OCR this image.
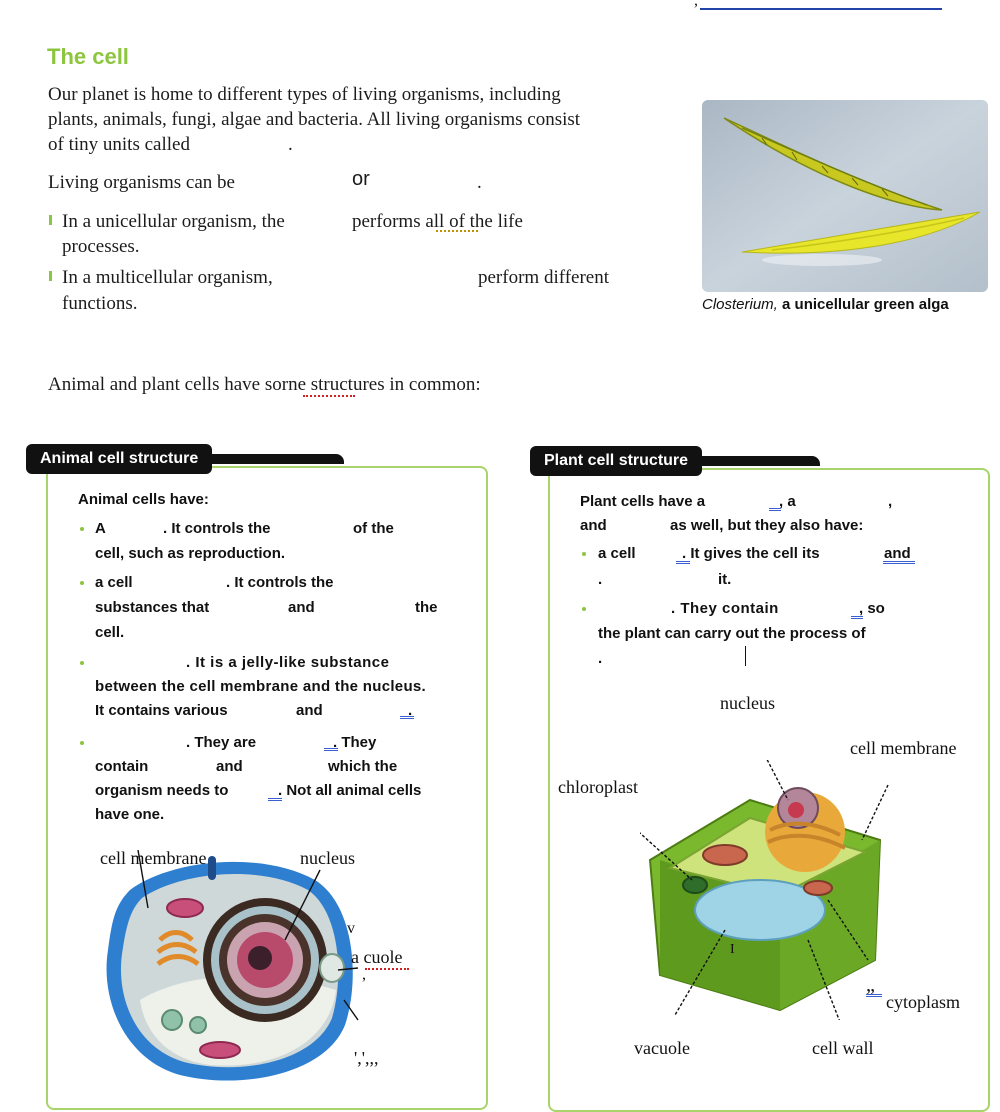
,
The cell
Our planet is home to different types of living organisms, including
plants, animals, fungi, algae and bacteria. All living organisms consist
of tiny units called	.
Living organisms can be	or	.
In a unicellular organism, the	performs all of the life
processes.
In a multicellular organism,	perform different
functions.	Closterium, a unicellular green alga
Animal and plant cells have sorne structures in common:
Animal cell structure
Animal cells have:
A	. It controls the	of the
cell, such as reproduction.
a cell	. It controls the
substances that	and	the
cell.
. It is a jelly-like substance
between the cell membrane and the nucleus.
It contains various	and	.
. They are	. They
contain	and	which the
organism needs to	. Not all animal cells
have one.
cell membrane	nucleus
v
a cuole
,
',',,,
Plant cell structure
Plant cells have a	, a	,
and	as well, but they also have:
a cell	. It gives the cell its	and
.	it.
. They contain	, so
the plant can carry out the process of
.
nucleus
cell membrane
chloroplast
I
„
cytoplasm
vacuole	cell wall
